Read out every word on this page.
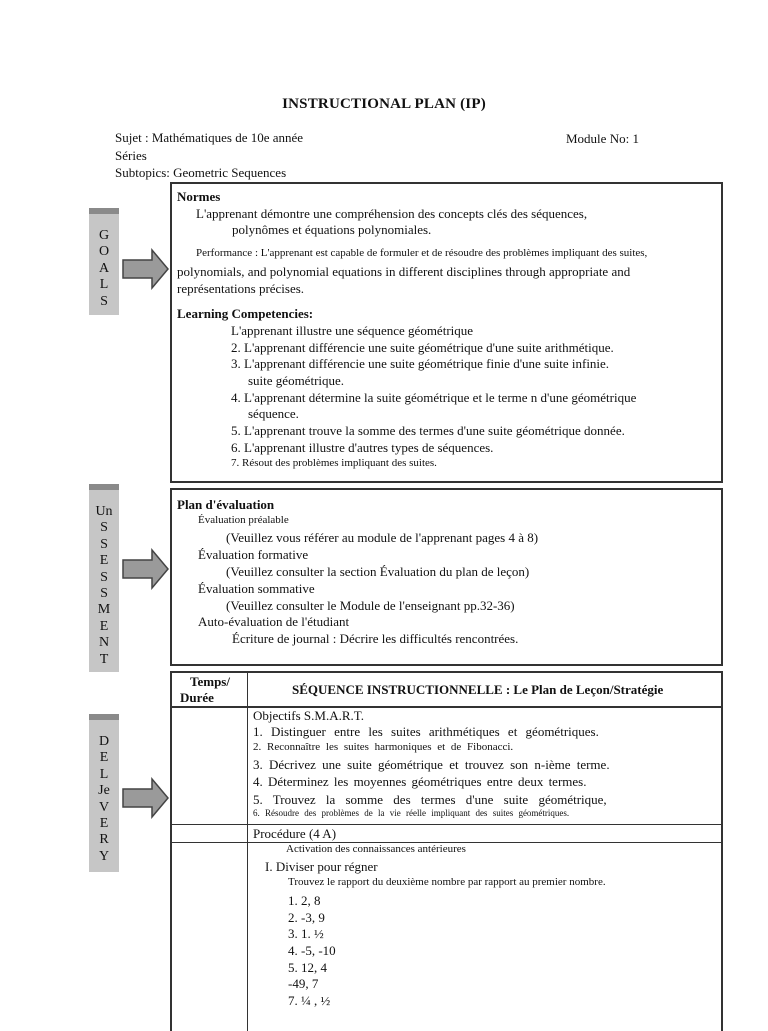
INSTRUCTIONAL PLAN (IP)
Sujet : Mathématiques de 10e année	Module No: 1
Séries
Subtopics: Geometric Sequences
G
O
A
L
S
Normes
L'apprenant démontre une compréhension des concepts clés des séquences,
polynômes et équations polynomiales.
Performance : L'apprenant est capable de formuler et de résoudre des problèmes impliquant des suites,
polynomials, and polynomial equations in different disciplines through appropriate and
représentations précises.
Learning Competencies:
L'apprenant illustre une séquence géométrique
2. L'apprenant différencie une suite géométrique d'une suite arithmétique.
3. L'apprenant différencie une suite géométrique finie d'une suite infinie.
suite géométrique.
4. L'apprenant détermine la suite géométrique et le terme n d'une géométrique
séquence.
5. L'apprenant trouve la somme des termes d'une suite géométrique donnée.
6. L'apprenant illustre d'autres types de séquences.
7. Résout des problèmes impliquant des suites.
Un
S
S
E
S
S
M
E
N
T
Plan d'évaluation
Évaluation préalable
(Veuillez vous référer au module de l'apprenant pages 4 à 8)
Évaluation formative
(Veuillez consulter la section Évaluation du plan de leçon)
Évaluation sommative
(Veuillez consulter le Module de l'enseignant pp.32-36)
Auto-évaluation de l'étudiant
Écriture de journal : Décrire les difficultés rencontrées.
D
E
L
Je
V
E
R
Y
Temps/
Durée
SÉQUENCE INSTRUCTIONNELLE : Le Plan de Leçon/Stratégie
Objectifs S.M.A.R.T.
1. Distinguer entre les suites arithmétiques et géométriques.
2. Reconnaître les suites harmoniques et de Fibonacci.
3. Décrivez une suite géométrique et trouvez son n-ième terme.
4. Déterminez les moyennes géométriques entre deux termes.
5. Trouvez la somme des termes d'une suite géométrique,
6. Résoudre des problèmes de la vie réelle impliquant des suites géométriques.
Procédure (4 A)
Activation des connaissances antérieures
I. Diviser pour régner
Trouvez le rapport du deuxième nombre par rapport au premier nombre.
1. 2, 8
2. -3, 9
3. 1. ½
4. -5, -10
5. 12, 4
-49, 7
7. ¼ , ½
